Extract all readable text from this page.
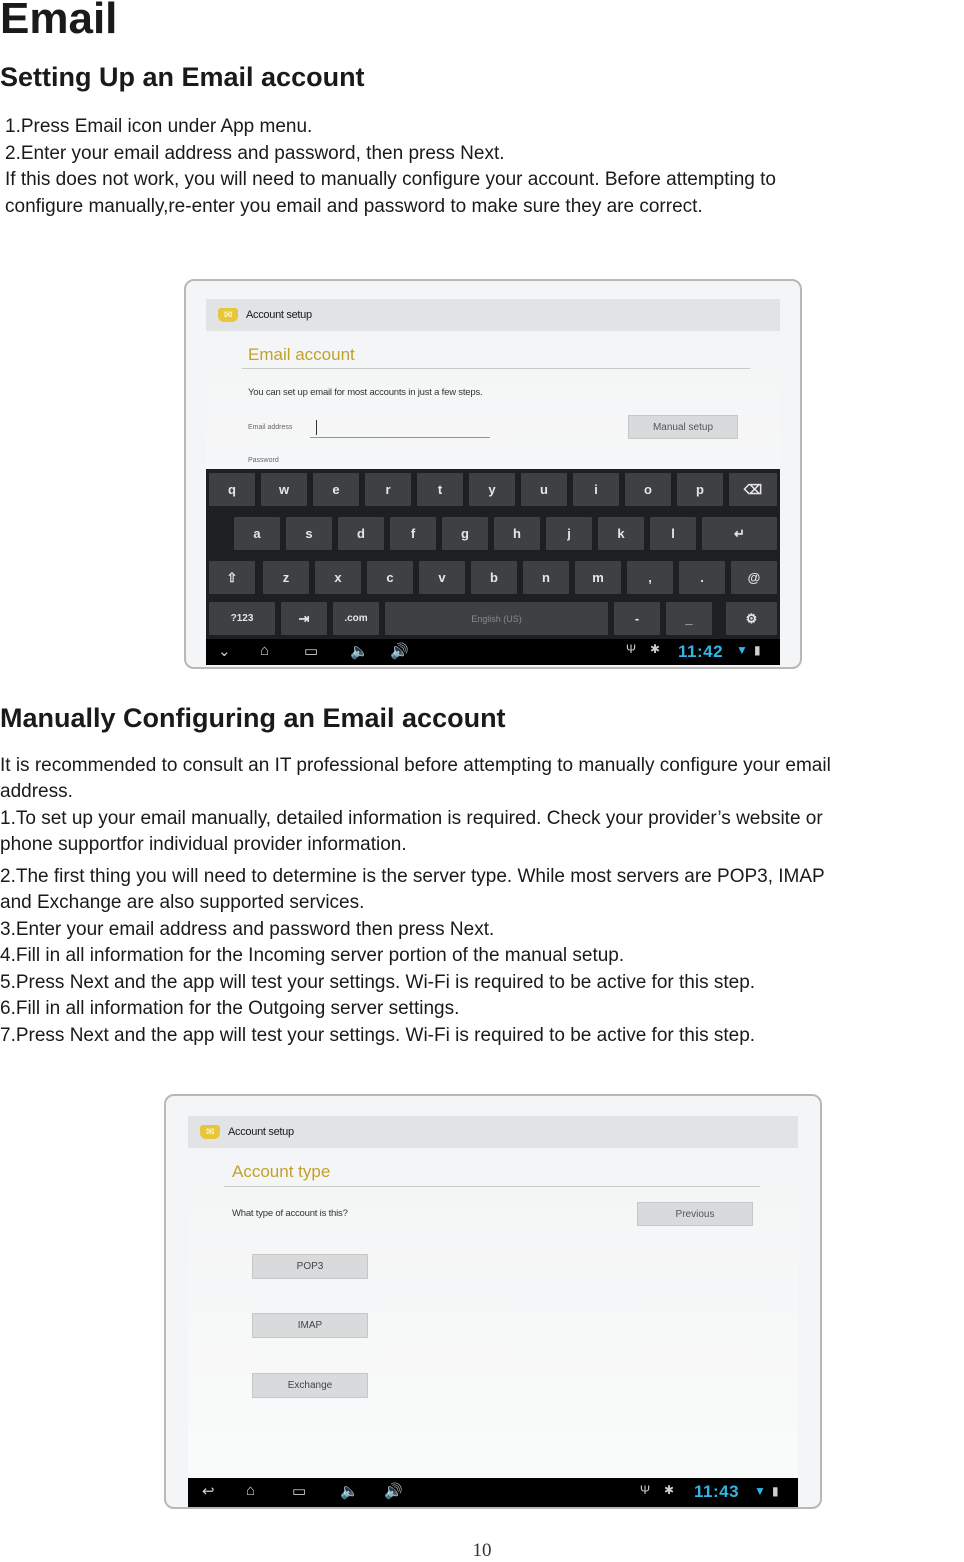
Email
Setting Up an Email account

1.Press Email icon under App menu.

2.Enter your email address and password, then press Next.

If this does not work, you will need to manually configure your account. Before attempting to

configure manually,re-enter you email and password to make sure they are correct.

✉	Account setup
Email account
You can set up email for most accounts in just a few steps.
Email address	Manual setup
Password
q	w	e	r	t	y	u	i	o	p	⌫
a	s	d	f	g	h	j	k	l	↵
⇧	z	x	c	v	b	n	m	,	.	@
?123	⇥	.com	English (US)	-	_	⚙
⌄ ⌂ ▭ 🔈 🔊	Ψ ✱ 11:42 ▼ ▮
Manually Configuring an Email account

It is recommended to consult an IT professional before attempting to manually configure your email

address.

1.To set up your email manually, detailed information is required. Check your provider’s website or

phone supportfor individual provider information.

2.The first thing you will need to determine is the server type. While most servers are POP3, IMAP

and Exchange are also supported services.

3.Enter your email address and password then press Next.

4.Fill in all information for the Incoming server portion of the manual setup.

5.Press Next and the app will test your settings. Wi-Fi is required to be active for this step.

6.Fill in all information for the Outgoing server settings.

7.Press Next and the app will test your settings. Wi-Fi is required to be active for this step.

✉	Account setup
Account type
What type of account is this?	Previous
POP3
IMAP
Exchange
↩ ⌂ ▭ 🔈 🔊	Ψ ✱ 11:43 ▼ ▮
10
